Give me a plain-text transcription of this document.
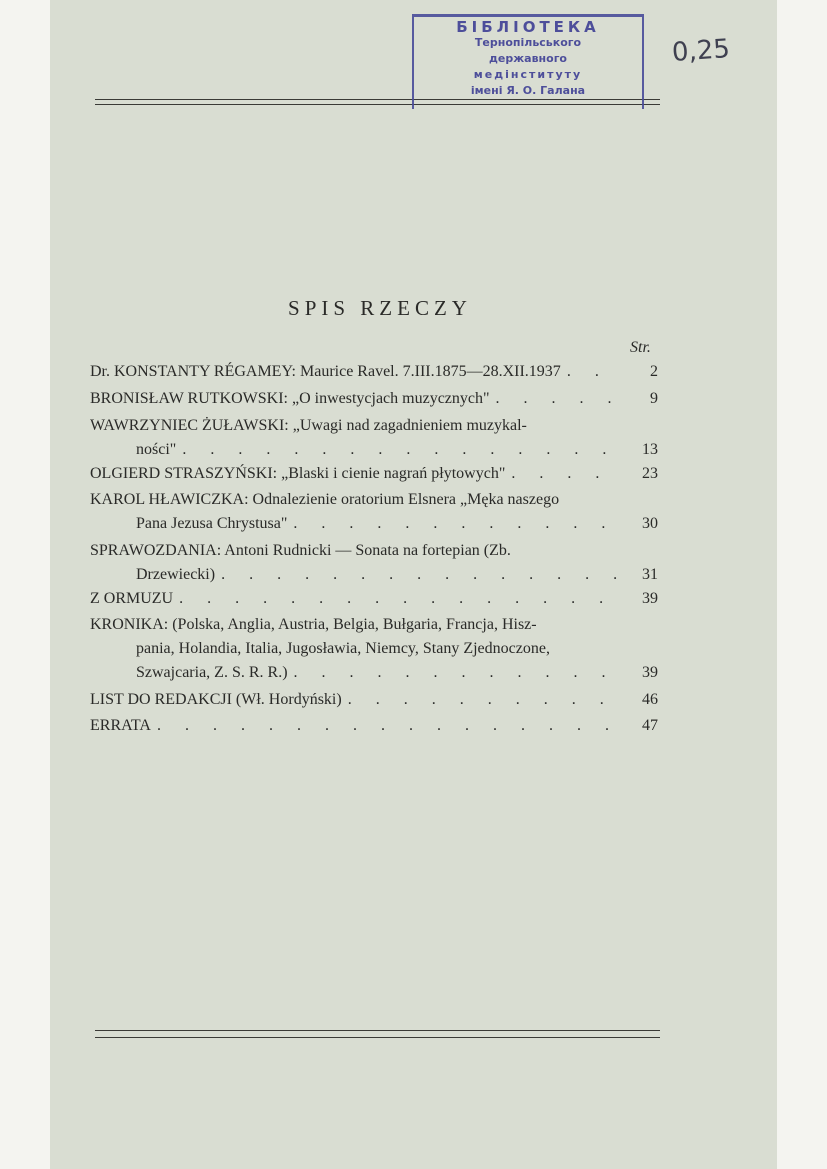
БІБЛІОТЕКА
Тернопільського
державного
медінституту
імені Я. О. Галана
0,25
SPIS RZECZY
Str.
Dr. KONSTANTY RÉGAMEY: Maurice Ravel. 7.III.1875—28.XII.1937 . . .	2
BRONISŁAW RUTKOWSKI: „O inwestycjach muzycznych" . . .	9
WAWRZYNIEC ŻUŁAWSKI: „Uwagi nad zagadnieniem muzykal-
ności" . . .	13
OLGIERD STRASZYŃSKI: „Blaski i cienie nagrań płytowych" . . .	23
KAROL HŁAWICZKA: Odnalezienie oratorium Elsnera „Męka naszego
Pana Jezusa Chrystusa" . . .	30
SPRAWOZDANIA: Antoni Rudnicki — Sonata na fortepian (Zb.
Drzewiecki) . . .	31
Z ORMUZU . . .	39
KRONIKA: (Polska, Anglia, Austria, Belgia, Bułgaria, Francja, Hisz-
pania, Holandia, Italia, Jugosławia, Niemcy, Stany Zjednoczone,
Szwajcaria, Z. S. R. R.) . . .	39
LIST DO REDAKCJI (Wł. Hordyński) . . .	46
ERRATA . . .	47
